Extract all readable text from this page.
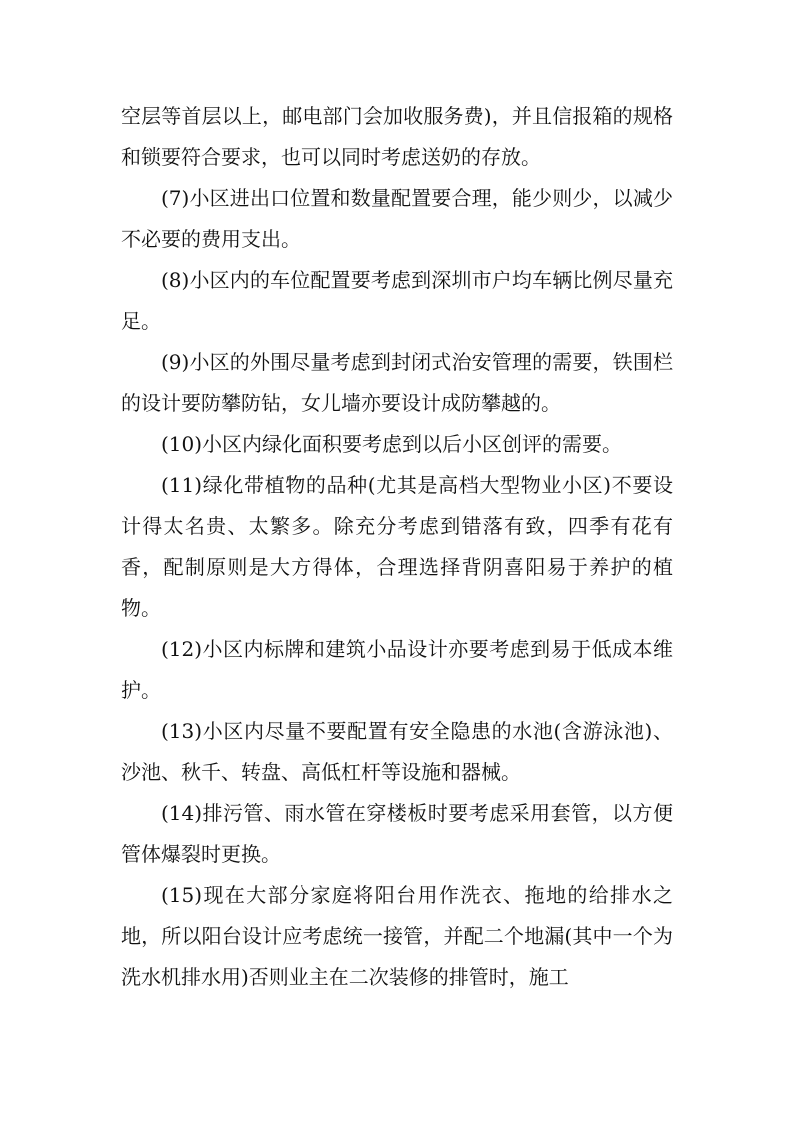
空层等首层以上，邮电部门会加收服务费)，并且信报箱的规格和锁要符合要求，也可以同时考虑送奶的存放。

(7)小区进出口位置和数量配置要合理，能少则少，以减少不必要的费用支出。

(8)小区内的车位配置要考虑到深圳市户均车辆比例尽量充足。

(9)小区的外围尽量考虑到封闭式治安管理的需要，铁围栏的设计要防攀防钻，女儿墙亦要设计成防攀越的。

(10)小区内绿化面积要考虑到以后小区创评的需要。

(11)绿化带植物的品种(尤其是高档大型物业小区)不要设计得太名贵、太繁多。除充分考虑到错落有致，四季有花有香，配制原则是大方得体，合理选择背阴喜阳易于养护的植物。

(12)小区内标牌和建筑小品设计亦要考虑到易于低成本维护。

(13)小区内尽量不要配置有安全隐患的水池(含游泳池)、沙池、秋千、转盘、高低杠杆等设施和器械。

(14)排污管、雨水管在穿楼板时要考虑采用套管，以方便管体爆裂时更换。

(15)现在大部分家庭将阳台用作洗衣、拖地的给排水之地，所以阳台设计应考虑统一接管，并配二个地漏(其中一个为洗水机排水用)否则业主在二次装修的排管时，施工
